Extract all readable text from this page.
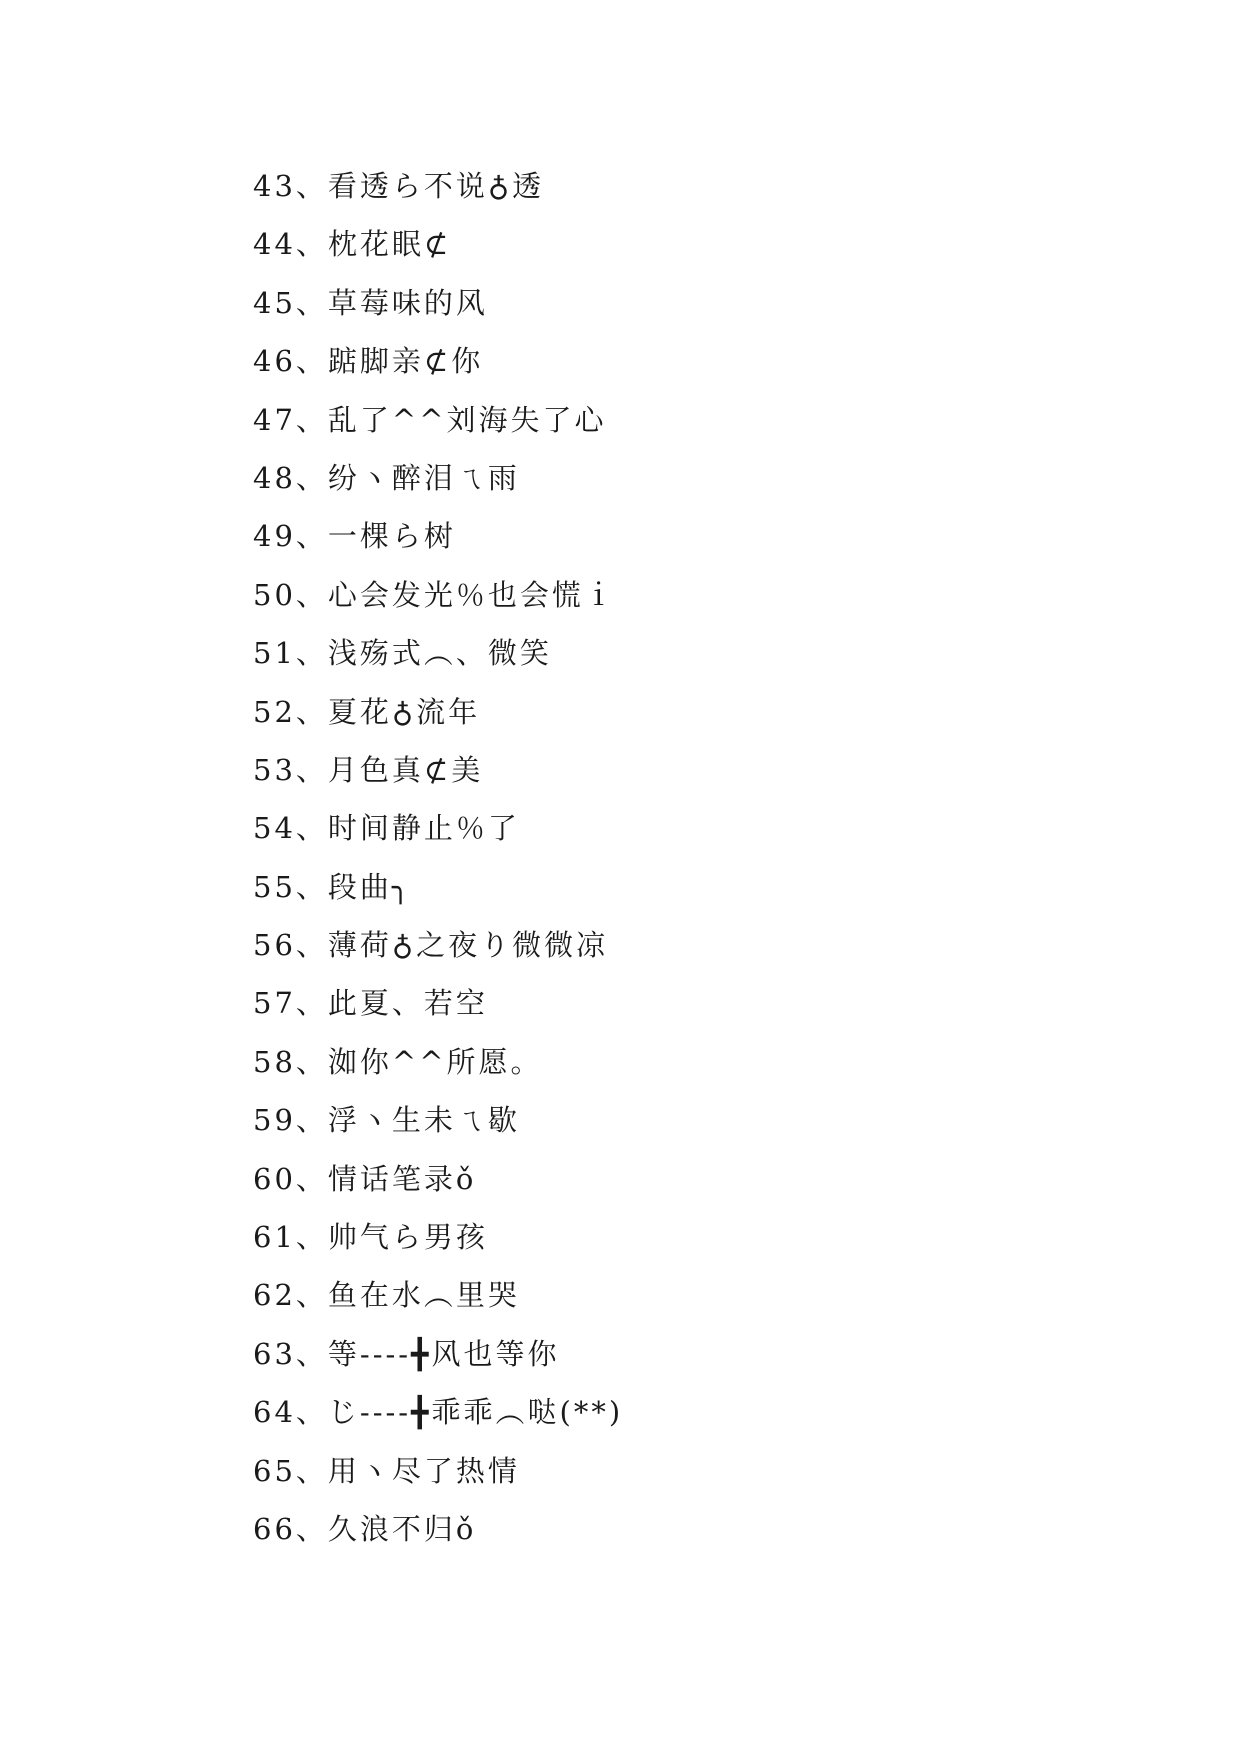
43、看透ら不说♁透
44、枕花眠⊄
45、草莓味的风
46、踮脚亲⊄你
47、乱了^^刘海失了心
48、纷ヽ醉泪ㄟ雨
49、一棵ら树
50、心会发光％也会慌ｉ
51、浅殇式︵、微笑
52、夏花♁流年
53、月色真⊄美
54、时间静止％了
55、段曲╮
56、薄荷♁之夜り微微凉
57、此夏、若空
58、洳你^^所愿。
59、浮ヽ生未ㄟ歇
60、情话笔录ǒ
61、帅气ら男孩
62、鱼在水︵里哭
63、等----╋风也等你
64、じ----╋乖乖︵哒(**)
65、用ヽ尽了热情
66、久浪不归ǒ
